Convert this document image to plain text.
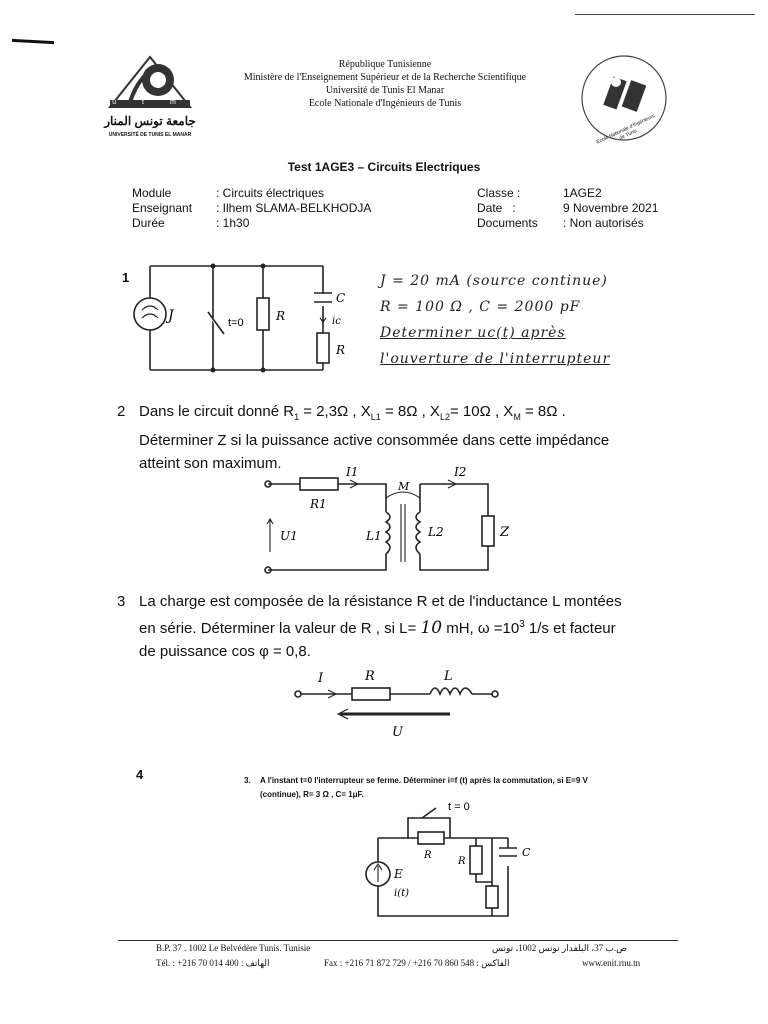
u t m
جامعة تونس المنار
UNIVERSITÉ DE TUNIS EL MANAR
République Tunisienne
Ministère de l'Enseignement Supérieur et de la Recherche Scientifique
Université de Tunis El Manar
Ecole Nationale d'Ingénieurs de Tunis
Ecole Nationale d'Ingénieurs de Tunis
Test 1AGE3 – Circuits Electriques
Module	: Circuits électriques
Enseignant : Ilhem SLAMA-BELKHODJA
Durée	: 1h30
Classe :	1AGE2
Date   :	9 Novembre 2021
Documents : Non autorisés
1
J	t=0	R
C
ic
R
J = 20 mA (source continue)
R = 100 Ω , C = 2000 pF
Determiner uc(t) après
l'ouverture de l'interrupteur
2 Dans le circuit donné $R_1 = 2,3\Omega$ , $X_{L1} = 8\Omega$ , $X_{L2}= 10\Omega$ , $X_M = 8\Omega$ .
Déterminer Z si la puissance active consommée dans cette impédance
atteint son maximum.	I1	I2
R1
M
U1	L1	L2	Z
3 La charge est composée de la résistance R et de l'inductance L montées
en série. Déterminer la valeur de R , si L= 10 mH, $\omega =10^3$ 1/s et facteur
de puissance cos φ = 0,8.
I	R	L
U
4	3. A l'instant t=0 l'interrupteur se ferme. Déterminer i=f (t) après la commutation, si E=9 V
(continue), R= 3 Ω , C= 1μF.
t = 0
R
R
C
E
i(t)
B.P. 37 . 1002 Le Belvédère Tunis. Tunisie	ص.ب 37، البلفدار تونس 1002، تونس
Tél. : +216 70 014 400 : الهاتف	Fax : +216 71 872 729 / +216 70 860 548 : الفاكس	www.enit.rnu.tn
